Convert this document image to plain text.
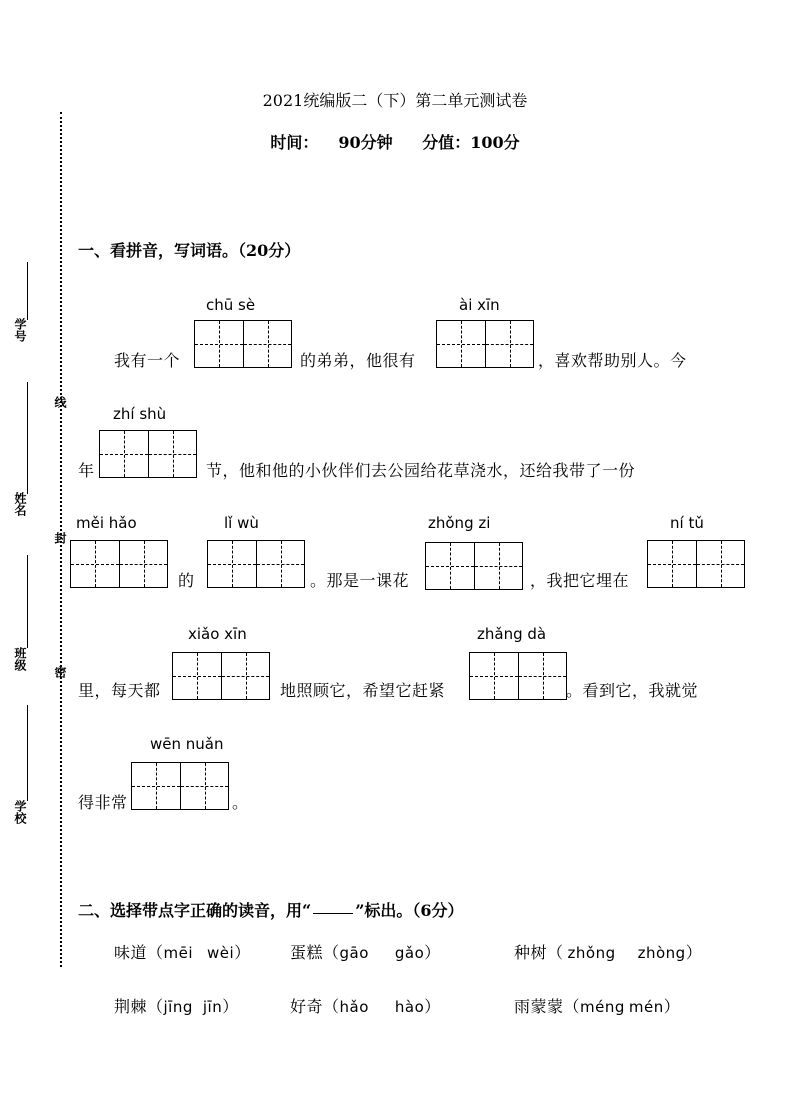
2021统编版二（下）第二单元测试卷
时间： 90分钟 分值：100分
学号
姓名
班级
学校
线
封
密
一、看拼音，写词语。（20分）
chū sè	ài xīn
我有一个	的弟弟，他很有	，喜欢帮助别人。今
zhí shù
年	节，他和他的小伙伴们去公园给花草浇水，还给我带了一份
měi hǎo	lǐ wù	zhǒng zi	ní tǔ
的	。那是一课花	，我把它埋在
xiǎo xīn	zhǎng dà
里，每天都	地照顾它，希望它赶紧	。看到它，我就觉
wēn nuǎn
得非常	。
二、选择带点字正确的读音，用“	”标出。（6分）
味道（mēi wèi） 蛋糕（gāo gǎo）	种树（ zhǒng zhòng）
荆棘（jīng jīn）	好奇（hǎo hào）	雨蒙蒙（méng mén）
